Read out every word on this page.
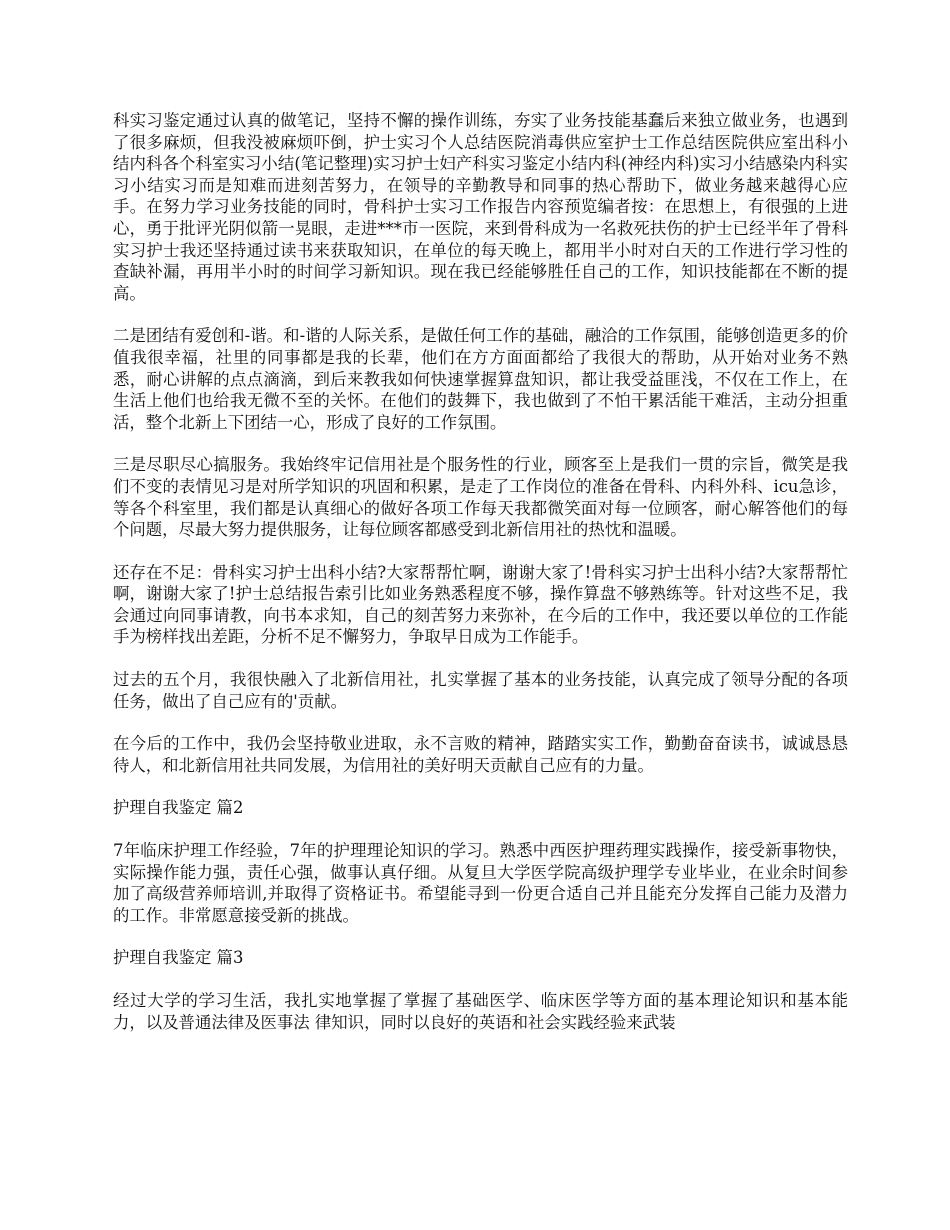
科实习鉴定通过认真的做笔记，坚持不懈的操作训练，夯实了业务技能基蠢后来独立做业务，也遇到了很多麻烦，但我没被麻烦吓倒，护士实习个人总结医院消毒供应室护士工作总结医院供应室出科小结内科各个科室实习小结(笔记整理)实习护士妇产科实习鉴定小结内科(神经内科)实习小结感染内科实习小结实习而是知难而进刻苦努力，在领导的辛勤教导和同事的热心帮助下，做业务越来越得心应手。在努力学习业务技能的同时，骨科护士实习工作报告内容预览编者按：在思想上，有很强的上进心，勇于批评光阴似箭一晃眼，走进***市一医院，来到骨科成为一名救死扶伤的护士已经半年了骨科实习护士我还坚持通过读书来获取知识，在单位的每天晚上，都用半小时对白天的工作进行学习性的查缺补漏，再用半小时的时间学习新知识。现在我已经能够胜任自己的工作，知识技能都在不断的提高。

二是团结有爱创和-谐。和-谐的人际关系，是做任何工作的基础，融洽的工作氛围，能够创造更多的价值我很幸福，社里的同事都是我的长辈，他们在方方面面都给了我很大的帮助，从开始对业务不熟悉，耐心讲解的点点滴滴，到后来教我如何快速掌握算盘知识，都让我受益匪浅，不仅在工作上，在生活上他们也给我无微不至的关怀。在他们的鼓舞下，我也做到了不怕干累活能干难活，主动分担重活，整个北新上下团结一心，形成了良好的工作氛围。

三是尽职尽心搞服务。我始终牢记信用社是个服务性的行业，顾客至上是我们一贯的宗旨，微笑是我们不变的表情见习是对所学知识的巩固和积累，是走了工作岗位的准备在骨科、内科外科、icu急诊，等各个科室里，我们都是认真细心的做好各项工作每天我都微笑面对每一位顾客，耐心解答他们的每个问题，尽最大努力提供服务，让每位顾客都感受到北新信用社的热忱和温暖。

还存在不足：骨科实习护士出科小结?大家帮帮忙啊，谢谢大家了!骨科实习护士出科小结?大家帮帮忙啊，谢谢大家了!护士总结报告索引比如业务熟悉程度不够，操作算盘不够熟练等。针对这些不足，我会通过向同事请教，向书本求知，自己的刻苦努力来弥补，在今后的工作中，我还要以单位的工作能手为榜样找出差距，分析不足不懈努力，争取早日成为工作能手。

过去的五个月，我很快融入了北新信用社，扎实掌握了基本的业务技能，认真完成了领导分配的各项任务，做出了自己应有的'贡献。

在今后的工作中，我仍会坚持敬业进取，永不言败的精神，踏踏实实工作，勤勤奋奋读书，诚诚恳恳待人，和北新信用社共同发展，为信用社的美好明天贡献自己应有的力量。

护理自我鉴定 篇2

7年临床护理工作经验，7年的护理理论知识的学习。熟悉中西医护理药理实践操作，接受新事物快，实际操作能力强，责任心强，做事认真仔细。从复旦大学医学院高级护理学专业毕业，在业余时间参加了高级营养师培训,并取得了资格证书。希望能寻到一份更合适自己并且能充分发挥自己能力及潜力的工作。非常愿意接受新的挑战。

护理自我鉴定 篇3

经过大学的学习生活，我扎实地掌握了掌握了基础医学、临床医学等方面的基本理论知识和基本能力，以及普通法律及医事法 律知识，同时以良好的英语和社会实践经验来武装
